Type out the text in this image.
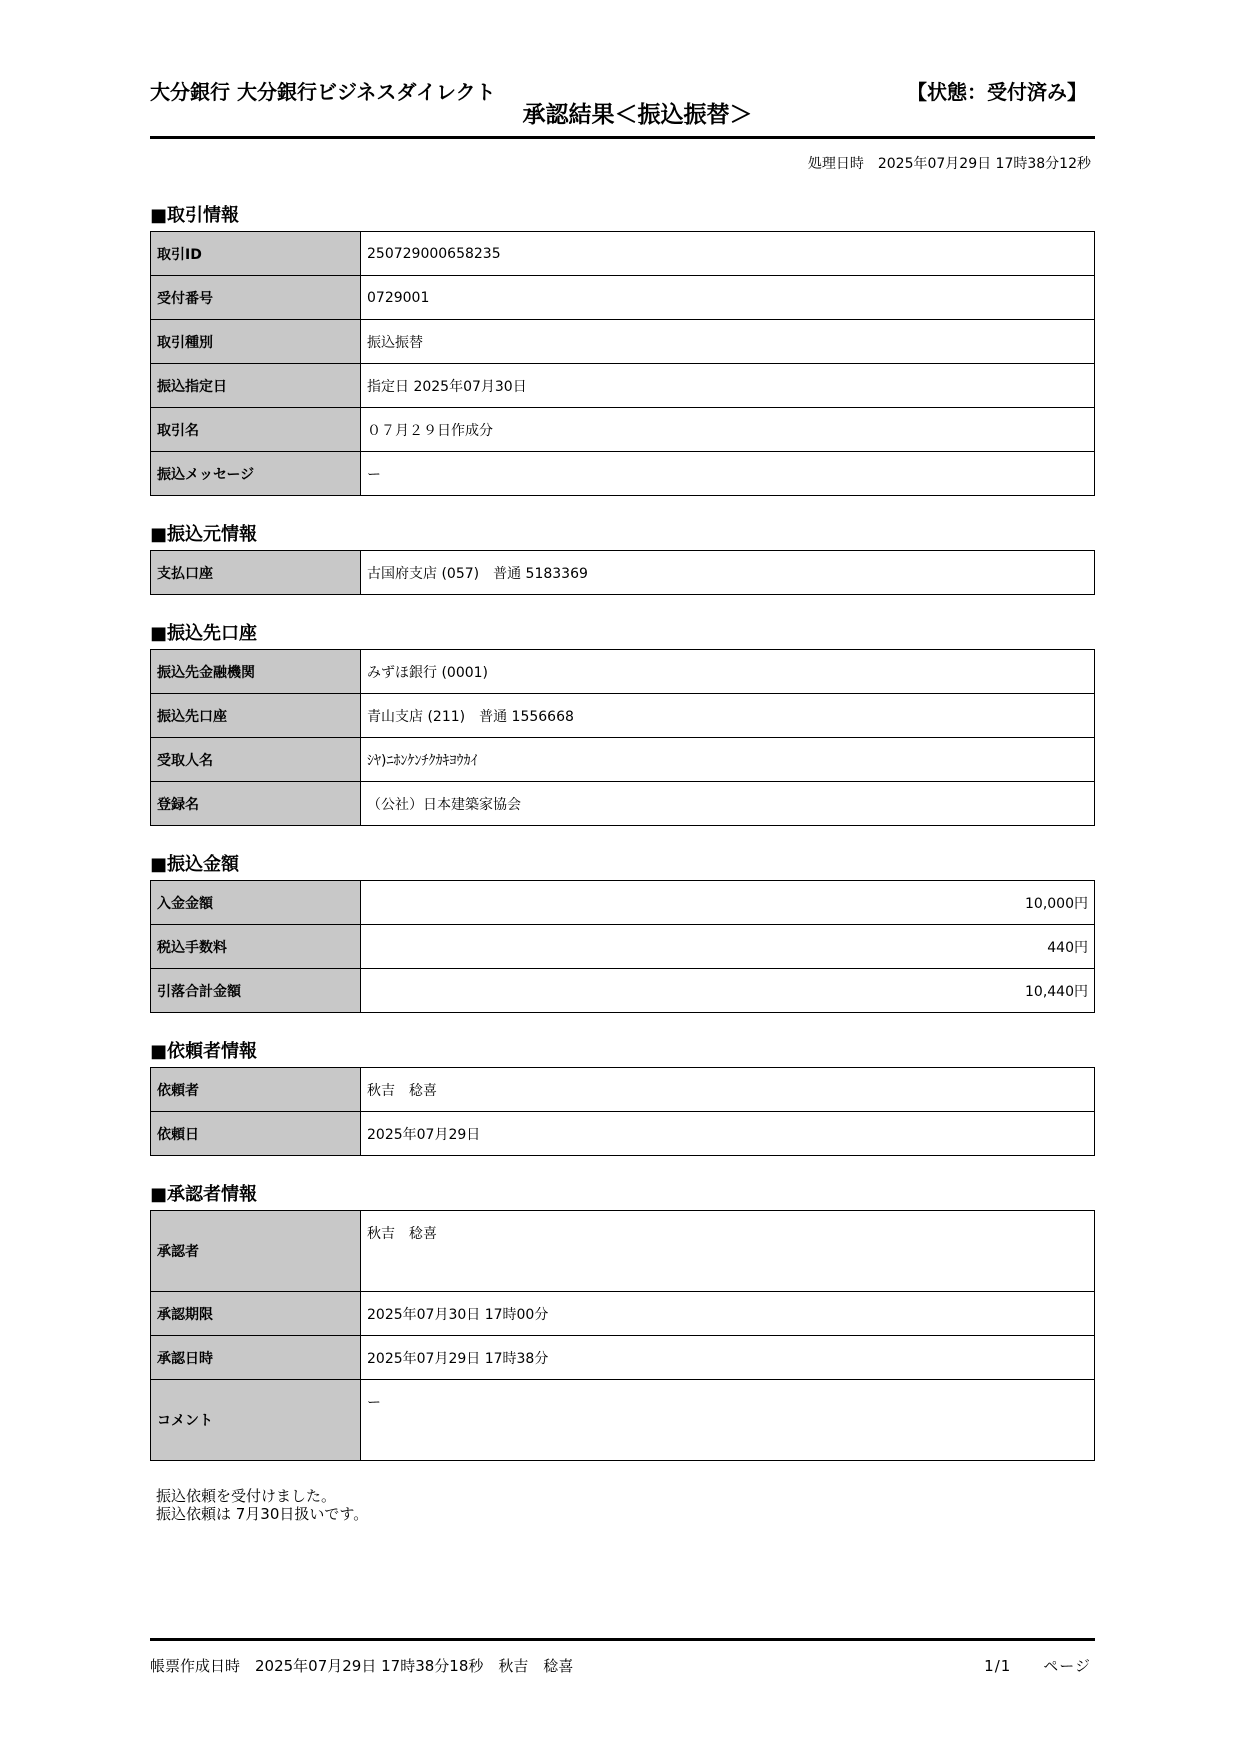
大分銀行 大分銀行ビジネスダイレクト	【状態：受付済み】
承認結果＜振込振替＞
処理日時　2025年07月29日 17時38分12秒
■取引情報
取引ID	250729000658235
受付番号	0729001
取引種別	振込振替
振込指定日	指定日 2025年07月30日
取引名	０７月２９日作成分
振込メッセージ	ー
■振込元情報
支払口座	古国府支店 (057)　普通 5183369
■振込先口座
振込先金融機関	みずほ銀行 (0001)
振込先口座	青山支店 (211)　普通 1556668
受取人名	ｼﾔ)ﾆﾎﾝｹﾝﾁｸｶｷﾖｳｶｲ
登録名	（公社）日本建築家協会
■振込金額
入金金額	10,000円
税込手数料	440円
引落合計金額	10,440円
■依頼者情報
依頼者	秋吉　稔喜
依頼日	2025年07月29日
■承認者情報
承認者	秋吉　稔喜
承認期限	2025年07月30日 17時00分
承認日時	2025年07月29日 17時38分
コメント	ー
振込依頼を受付けました。
振込依頼は 7月30日扱いです。
帳票作成日時　2025年07月29日 17時38分18秒　秋吉　稔喜	1/1　　ページ
